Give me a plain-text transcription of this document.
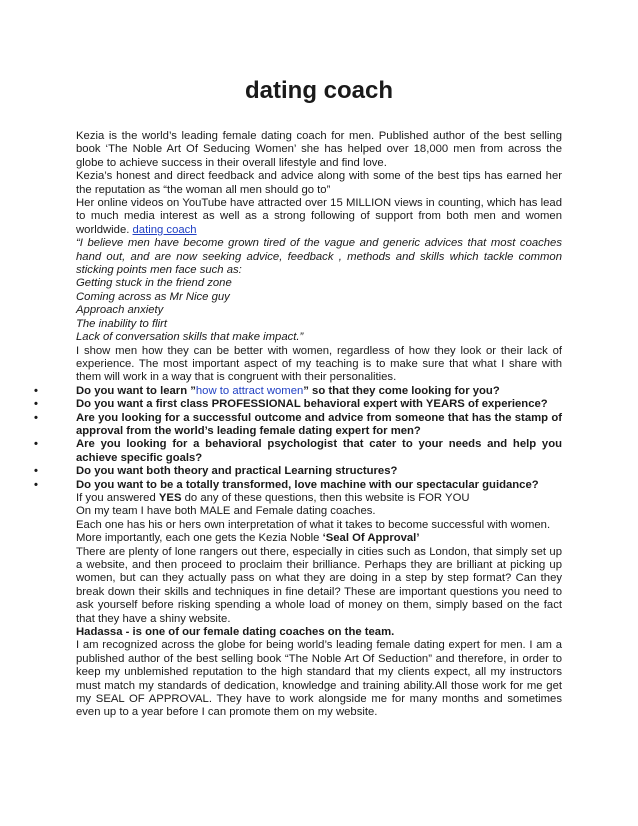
dating coach

Kezia is the world’s leading female dating coach for men. Published author of the best selling book ‘The Noble Art Of Seducing Women’ she has helped over 18,000 men from across the globe to achieve success in their overall lifestyle and find love.

Kezia’s honest and direct feedback and advice along with some of the best tips has earned her the reputation as “the woman all men should go to”

Her online videos on YouTube have attracted over 15 MILLION views in counting, which has lead to much media interest as well as a strong following of support from both men and women worldwide. dating coach

“I believe men have become grown tired of the vague and generic advices that most coaches hand out, and are now seeking advice, feedback , methods and skills which tackle common sticking points men face such as:

Getting stuck in the friend zone

Coming across as Mr Nice guy

Approach anxiety

The inability to flirt

Lack of conversation skills that make impact.”

I show men how they can be better with women, regardless of how they look or their lack of experience. The most important aspect of my teaching is to make sure that what I share with them will work in a way that is congruent with their personalities.

•	Do you want to learn ”how to attract women” so that they come looking for you?
•	Do you want a first class PROFESSIONAL behavioral expert with YEARS of experience?
•	Are you looking for a successful outcome and advice from someone that has the stamp of approval from the world’s leading female dating expert for men?
•	Are you looking for a behavioral psychologist that cater to your needs and help you achieve specific goals?
•	Do you want both theory and practical Learning structures?
•	Do you want to be a totally transformed, love machine with our spectacular guidance?

If you answered YES do any of these questions, then this website is FOR YOU

On my team I have both MALE and Female dating coaches.

Each one has his or hers own interpretation of what it takes to become successful with women.

More importantly, each one gets the Kezia Noble ‘Seal Of Approval’

There are plenty of lone rangers out there, especially in cities such as London, that simply set up a website, and then proceed to proclaim their brilliance. Perhaps they are brilliant at picking up women, but can they actually pass on what they are doing in a step by step format? Can they break down their skills and techniques in fine detail? These are important questions you need to ask yourself before risking spending a whole load of money on them, simply based on the fact that they have a shiny website.

Hadassa - is one of our female dating coaches on the team.

I am recognized across the globe for being world’s leading female dating expert for men. I am a published author of the best selling book “The Noble Art Of Seduction” and therefore, in order to keep my unblemished reputation to the high standard that my clients expect, all my instructors must match my standards of dedication, knowledge and training ability.All those work for me get my SEAL OF APPROVAL. They have to work alongside me for many months and sometimes even up to a year before I can promote them on my website.
